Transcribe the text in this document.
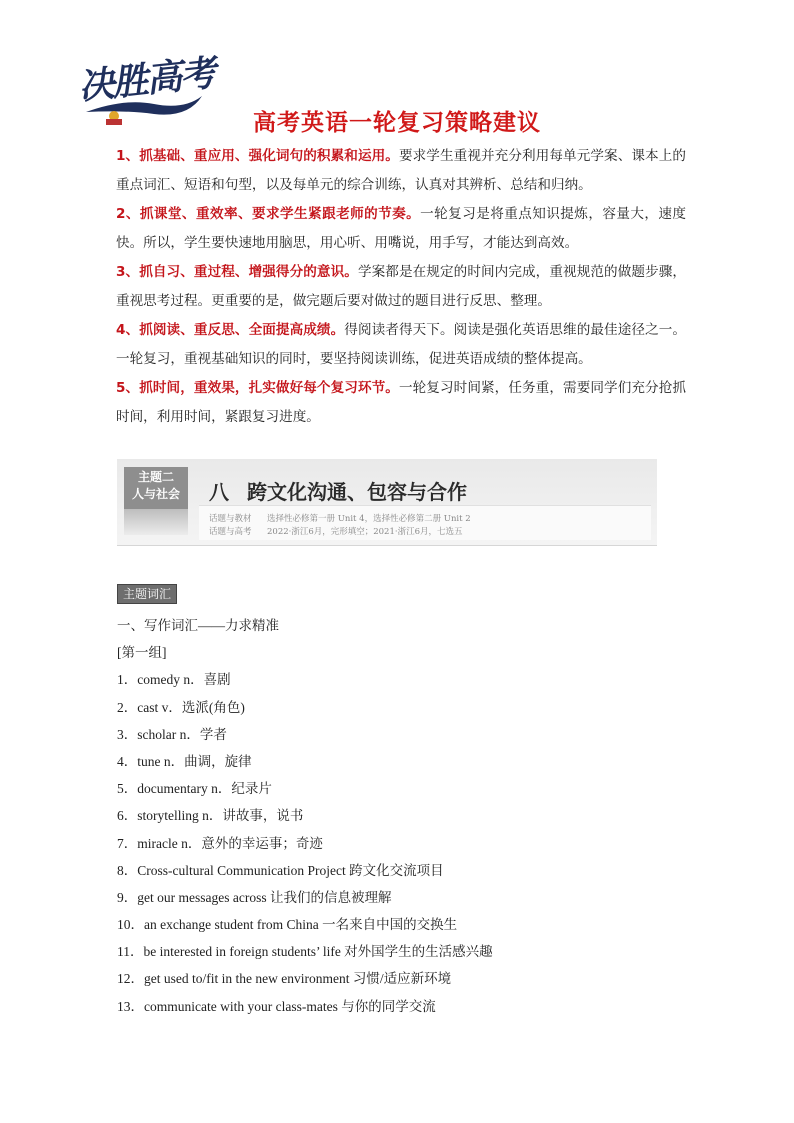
决胜高考
高考英语一轮复习策略建议

1、抓基础、重应用、强化词句的积累和运用。要求学生重视并充分利用每单元学案、课本上的重点词汇、短语和句型，以及每单元的综合训练，认真对其辨析、总结和归纳。

2、抓课堂、重效率、要求学生紧跟老师的节奏。一轮复习是将重点知识提炼，容量大，速度快。所以，学生要快速地用脑思，用心听、用嘴说，用手写，才能达到高效。

3、抓自习、重过程、增强得分的意识。学案都是在规定的时间内完成，重视规范的做题步骤，重视思考过程。更重要的是，做完题后要对做过的题目进行反思、整理。

4、抓阅读、重反思、全面提高成绩。得阅读者得天下。阅读是强化英语思维的最佳途径之一。一轮复习，重视基础知识的同时，要坚持阅读训练，促进英语成绩的整体提高。

5、抓时间，重效果，扎实做好每个复习环节。一轮复习时间紧，任务重，需要同学们充分抢抓时间，利用时间，紧跟复习进度。

主题二
人与社会	八 跨文化沟通、包容与合作
话题与教材 选择性必修第一册 Unit 4，选择性必修第二册 Unit 2
话题与高考 2022·浙江6月，完形填空；2021·浙江6月，七选五
主题词汇
一、写作词汇——力求精准
[第一组]
1．comedy n．喜剧
2．cast v．选派(角色)
3．scholar n．学者
4．tune n．曲调，旋律
5．documentary n．纪录片
6．storytelling n．讲故事，说书
7．miracle n．意外的幸运事；奇迹
8．Cross-cultural Communication Project 跨文化交流项目
9．get our messages across 让我们的信息被理解
10．an exchange student from China 一名来自中国的交换生
11．be interested in foreign students’ life 对外国学生的生活感兴趣
12．get used to/fit in the new environment 习惯/适应新环境
13．communicate with your class-mates 与你的同学交流
